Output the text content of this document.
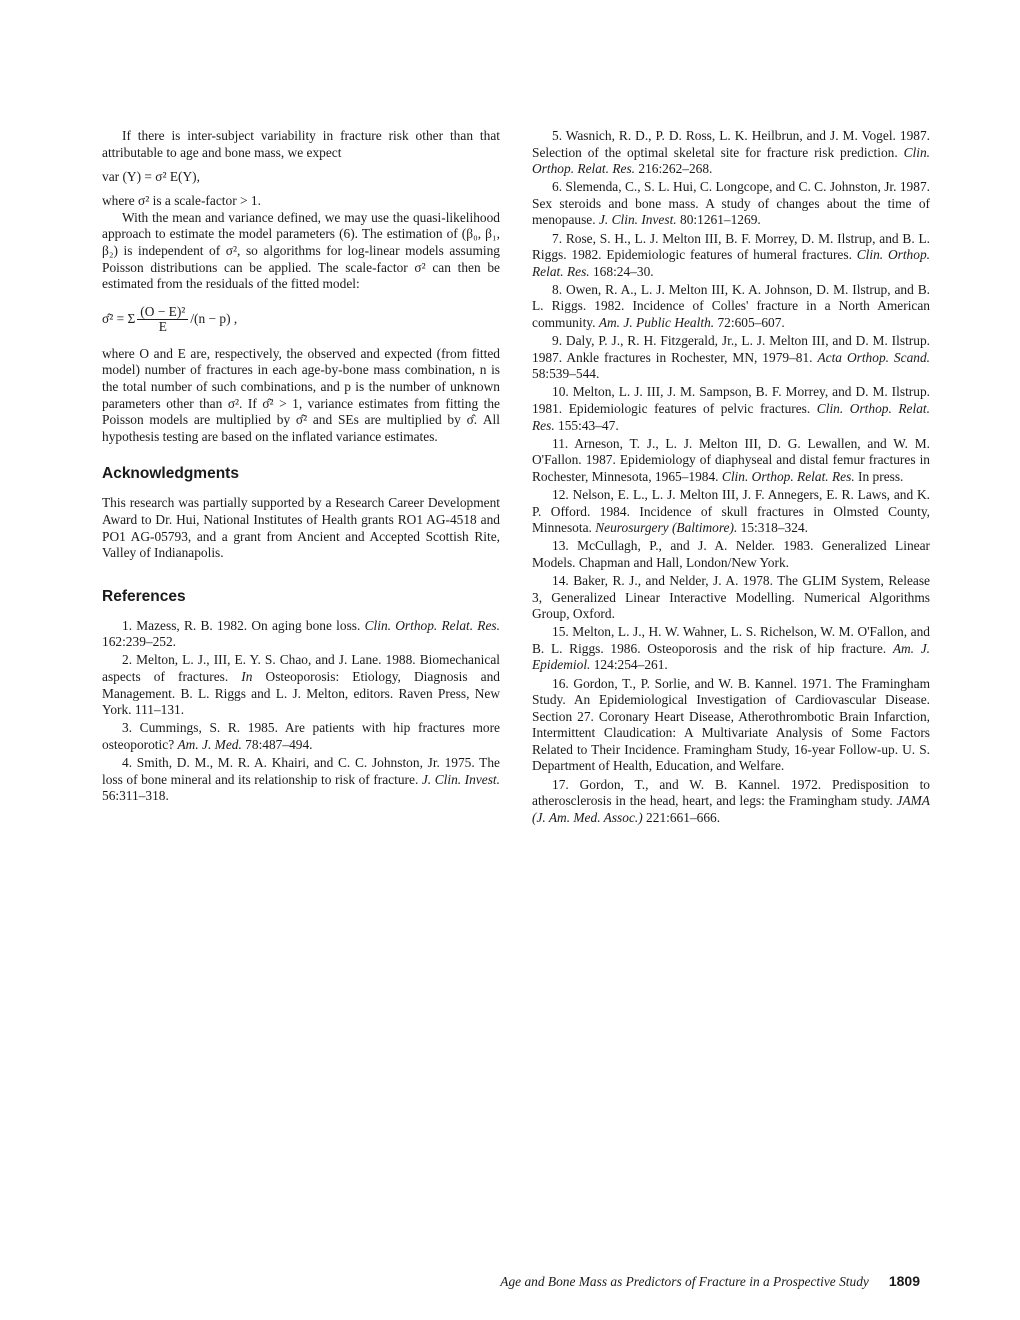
If there is inter-subject variability in fracture risk other than that attributable to age and bone mass, we expect

var (Y) = σ² E(Y),

where σ² is a scale-factor > 1.

With the mean and variance defined, we may use the quasi-likelihood approach to estimate the model parameters (6). The estimation of (β₀, β₁, β₂) is independent of σ², so algorithms for log-linear models assuming Poisson distributions can be applied. The scale-factor σ² can then be estimated from the residuals of the fitted model:

σ̂² = Σ $\frac{\text{(O − E)²}}{E} /(n - p)$ ,

where O and E are, respectively, the observed and expected (from fitted model) number of fractures in each age-by-bone mass combination, n is the total number of such combinations, and p is the number of unknown parameters other than σ². If σ̂² > 1, variance estimates from fitting the Poisson models are multiplied by σ̂² and SEs are multiplied by σ̂. All hypothesis testing are based on the inflated variance estimates.

Acknowledgments

This research was partially supported by a Research Career Development Award to Dr. Hui, National Institutes of Health grants RO1 AG-4518 and PO1 AG-05793, and a grant from Ancient and Accepted Scottish Rite, Valley of Indianapolis.

References

1. Mazess, R. B. 1982. On aging bone loss. Clin. Orthop. Relat. Res. 162:239–252.

2. Melton, L. J., III, E. Y. S. Chao, and J. Lane. 1988. Biomechanical aspects of fractures. In Osteoporosis: Etiology, Diagnosis and Management. B. L. Riggs and L. J. Melton, editors. Raven Press, New York. 111–131.

3. Cummings, S. R. 1985. Are patients with hip fractures more osteoporotic? Am. J. Med. 78:487–494.

4. Smith, D. M., M. R. A. Khairi, and C. C. Johnston, Jr. 1975. The loss of bone mineral and its relationship to risk of fracture. J. Clin. Invest. 56:311–318.

5. Wasnich, R. D., P. D. Ross, L. K. Heilbrun, and J. M. Vogel. 1987. Selection of the optimal skeletal site for fracture risk prediction. Clin. Orthop. Relat. Res. 216:262–268.

6. Slemenda, C., S. L. Hui, C. Longcope, and C. C. Johnston, Jr. 1987. Sex steroids and bone mass. A study of changes about the time of menopause. J. Clin. Invest. 80:1261–1269.

7. Rose, S. H., L. J. Melton III, B. F. Morrey, D. M. Ilstrup, and B. L. Riggs. 1982. Epidemiologic features of humeral fractures. Clin. Orthop. Relat. Res. 168:24–30.

8. Owen, R. A., L. J. Melton III, K. A. Johnson, D. M. Ilstrup, and B. L. Riggs. 1982. Incidence of Colles' fracture in a North American community. Am. J. Public Health. 72:605–607.

9. Daly, P. J., R. H. Fitzgerald, Jr., L. J. Melton III, and D. M. Ilstrup. 1987. Ankle fractures in Rochester, MN, 1979–81. Acta Orthop. Scand. 58:539–544.

10. Melton, L. J. III, J. M. Sampson, B. F. Morrey, and D. M. Ilstrup. 1981. Epidemiologic features of pelvic fractures. Clin. Orthop. Relat. Res. 155:43–47.

11. Arneson, T. J., L. J. Melton III, D. G. Lewallen, and W. M. O'Fallon. 1987. Epidemiology of diaphyseal and distal femur fractures in Rochester, Minnesota, 1965–1984. Clin. Orthop. Relat. Res. In press.

12. Nelson, E. L., L. J. Melton III, J. F. Annegers, E. R. Laws, and K. P. Offord. 1984. Incidence of skull fractures in Olmsted County, Minnesota. Neurosurgery (Baltimore). 15:318–324.

13. McCullagh, P., and J. A. Nelder. 1983. Generalized Linear Models. Chapman and Hall, London/New York.

14. Baker, R. J., and Nelder, J. A. 1978. The GLIM System, Release 3, Generalized Linear Interactive Modelling. Numerical Algorithms Group, Oxford.

15. Melton, L. J., H. W. Wahner, L. S. Richelson, W. M. O'Fallon, and B. L. Riggs. 1986. Osteoporosis and the risk of hip fracture. Am. J. Epidemiol. 124:254–261.

16. Gordon, T., P. Sorlie, and W. B. Kannel. 1971. The Framingham Study. An Epidemiological Investigation of Cardiovascular Disease. Section 27. Coronary Heart Disease, Atherothrombotic Brain Infarction, Intermittent Claudication: A Multivariate Analysis of Some Factors Related to Their Incidence. Framingham Study, 16-year Follow-up. U. S. Department of Health, Education, and Welfare.

17. Gordon, T., and W. B. Kannel. 1972. Predisposition to atherosclerosis in the head, heart, and legs: the Framingham study. JAMA (J. Am. Med. Assoc.) 221:661–666.

Age and Bone Mass as Predictors of Fracture in a Prospective Study 1809
